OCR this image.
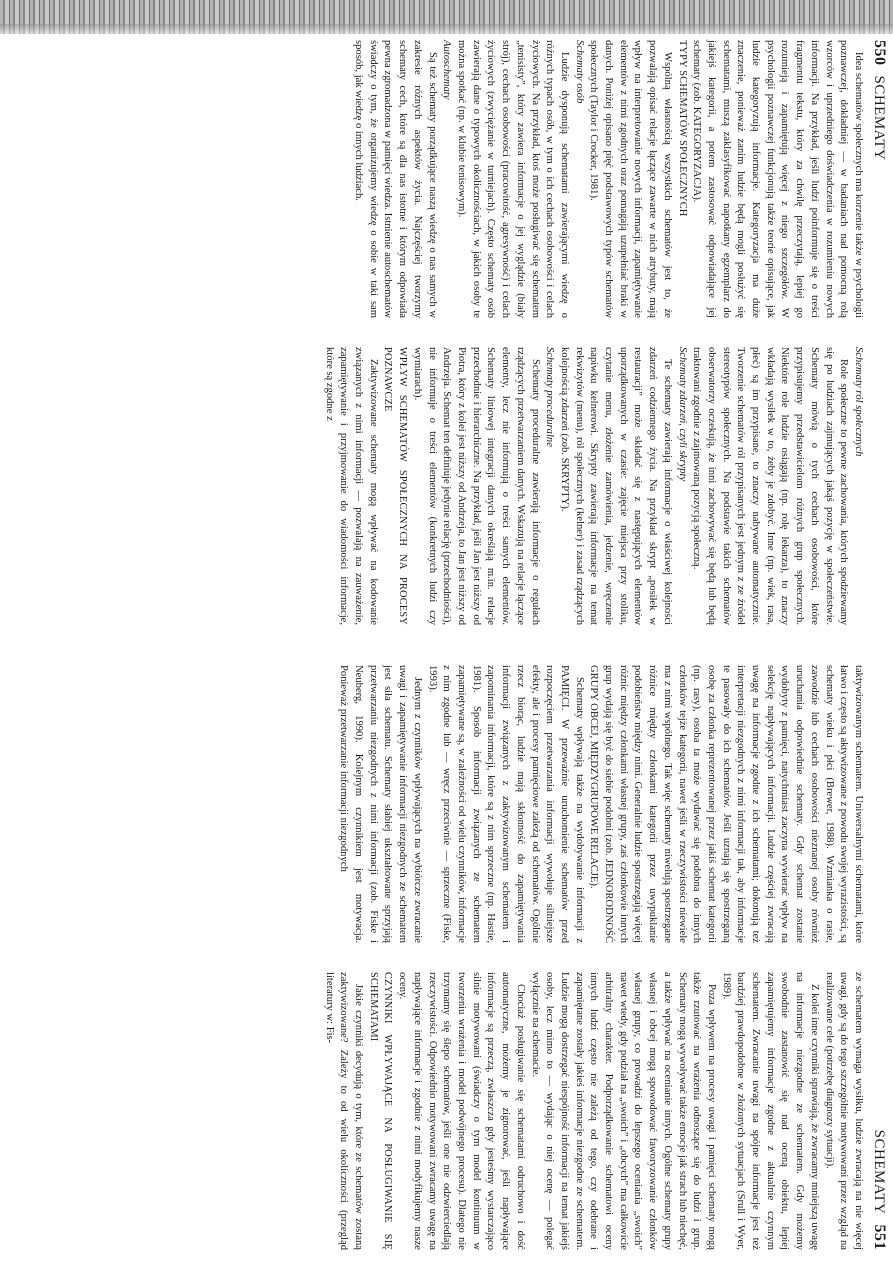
550
SCHEMATY

Idea schematów społecznych ma korzenie także w psychologii poznawczej, dokładniej — w badaniach nad pomocną rolą wzorców i uprzedniego doświadczenia w rozumieniu nowych informacji. Na przykład, jeśli ludzi poinformuje się o treści fragmentu tekstu, który za chwilę przeczytają, lepiej go rozumieją i zapamiętują więcej z niego szczegółów. W psychologii poznawczej funkcjonują także teorie opisujące, jak ludzie kategoryzują informacje. Kategoryzacja ma duże znaczenie, ponieważ zanim ludzie będą mogli posłużyć się schematami, muszą zaklasyfikować napotkany egzemplarz do jakiejś kategorii, a potem zastosować odpowiadające jej schematy (zob. KATEGORYZACJA).

TYPY SCHEMATÓW SPOŁECZNYCH

Wspólną własnością wszystkich schematów jest to, że pozwalają opisać relacje łączące zawarte w nich atrybuty, mają wpływ na interpretowanie nowych informacji, zapamiętywanie elementów z nimi zgodnych oraz pomagają uzupełniać braki w danych. Poniżej opisano pięć podstawowych typów schematów społecznych (Taylor i Crocker, 1981).

Schematy osób

Ludzie dysponują schematami zawierającymi wiedzę o różnych typach osób, w tym o ich cechach osobowości i celach życiowych. Na przykład, ktoś może posługiwać się schematem „tenisisty”, który zawiera informacje o jej wyglądzie (biały strój), cechach osobowości (pracowitość, agresywność) i celach życiowych (zwyciężanie w turniejach). Często schematy osób zawierają dane o typowych okolicznościach, w jakich osoby te można spotkać (np. w klubie tenisowym).

Autoschematy

Są też schematy porządkujące naszą wiedzę o nas samych w zakresie różnych aspektów życia. Najczęściej tworzymy schematy cech, które są dla nas istotne i którym odpowiada pewna zgromadzona w pamięci wiedza. Istnienie autoschematów świadczy o tym, że organizujemy wiedzę o sobie w taki sam sposób, jak wiedzę o innych ludziach.

Schematy ról społecznych

Role społeczne to pewne zachowania, których spodziewamy się po ludziach zajmujących jakąś pozycję w społeczeństwie. Schematy mówią o tych cechach osobowości, które przypisujemy przedstawicielom różnych grup społecznych. Niektóre role ludzie osiągają (np. rolę lekarza), to znaczy wkładają wysiłek w to, żeby je zdobyć. Inne (np. wiek, rasa, płeć) są im przypisane, to znaczy nabywane automatycznie. Tworzenie schematów ról przypisanych jest jednym z ze źródeł stereotypów społecznych. Na podstawie takich schematów obserwatorzy oczekują, że inni zachowywać się będą lub będą traktowani zgodnie z zajmowaną pozycją społeczną.

Schematy zdarzeń, czyli skrypty

Te schematy zawierają informacje o właściwej kolejności zdarzeń codziennego życia. Na przykład skrypt „posiłek w restauracji” może składać się z następujących elementów uporządkowanych w czasie: zajęcie miejsca przy stoliku, czytanie menu, złożenie zamówienia, jedzenie, wręczenie napiwku kelnerowi. Skrypty zawierają informacje na temat rekwizytów (menu), ról społecznych (kelner) i zasad rządzących kolejnością zdarzeń (zob. SKRYPTY).

Schematy proceduralne

Schematy proceduralne zawierają informacje o regułach rządzących przetwarzaniem danych. Wskazują na relacje łączące elementy, lecz nie informują o treści samych elementów. Schematy liniowej integracji danych określają m.in. relacje przechodnie i hierarchiczne. Na przykład, jeśli Jan jest niższy od Piotra, który z kolei jest niższy od Andrzeja, to Jan jest niższy od Andrzeja. Schemat ten definiuje jedynie relację (przechodniości), nie informuje o treści elementów (konkretnych ludzi czy wymiarach).

WPŁYW SCHEMATÓW SPOŁECZNYCH NA PROCESY POZNAWCZE

Zaktywizowane schematy mogą wpływać na kodowanie związanych z nimi informacji — pozwalają na zauważenie, zapamiętywanie i przyjmowanie do wiadomości informacje, które są zgodne z

SCHEMATY
551

taktywizowanym schematem. Uniwersalnymi schematami, które łatwo i często są aktywizowane z powodu swojej wyrazistości, są schematy wieku i płci (Brewer, 1988). Wzmianka o rasie, zawodzie lub cechach osobowości nieznanej osoby również uruchamia odpowiednie schematy. Gdy schemat zostanie wydobyty z pamięci, natychmiast zaczyna wywierać wpływ na selekcję napływających informacji. Ludzie częściej zwracają uwagę na informacje zgodne z ich schematami; dokonują też interpretacji niezgodnych z nimi informacji tak, aby informacje te pasowały do ich schematów. Jeśli uznają się spostrzeganą osobę za członka reprezentowanej przez jakiś schemat kategorii (np. rasy), osoba ta może wydawać się podobna do innych członków tejże kategorii, nawet jeśli w rzeczywistości niewiele ma z nimi wspólnego. Tak więc schematy niwelują spostrzegane różnice między członkami kategorii przez uwypuklanie podobieństw między nimi. Generalnie ludzie spostrzegają więcej różnic między członkami własnej grupy, zaś członkowie innych grup wydają się być do siebie podobni (zob. JEDNORODNOŚĆ GRUPY OBCEJ, MIĘDZYGRUPOWE RELACJE).

Schematy wpływają także na wydobywanie informacji z PAMIĘCI. W przeważnie uruchomienie schematów przed rozpoczęciem przetwarzania informacji wywołuje silniejsze efekty, ale i procesy pamięciowe zależą od schematów. Ogólnie rzecz biorąc, ludzie mają skłonność do zapamiętywania informacji związanych z zaktywizowanym schematem i zapominania informacji, które są z nim sprzeczne (np. Hastie, 1981). Sposób informacji związanych ze schematem zapamiętywane są, w zależności od wielu czynników, informacje z nim zgodne lub — wręcz przeciwnie — sprzeczne (Fiske, 1993).

Jednym z czynników wpływających na wybiórcze zwracanie uwagi i zapamiętywanie informacji niezgodnych ze schematem jest siła schematu. Schematy słabiej ukształtowane sprzyjają przetwarzaniu niezgodnych z nimi informacji (zob. Fiske i Neuberg, 1990). Kolejnym czynnikiem jest motywacja. Ponieważ przetwarzanie informacji niezgodnych

ze schematem wymaga wysiłku, ludzie zwracają na nie więcej uwagi, gdy są do tego szczególnie motywowani przez wzgląd na realizowane cele (potrzebę diagnozy sytuacji).

Z kolei inne czynniki sprawiają, że zwracamy mniejszą uwagę na informacje niezgodne ze schematem. Gdy możemy swobodnie zastanowić się nad oceną obiektu, lepiej zapamiętujemy informacje zgodne z aktualnie czynnym schematem. Zwracanie uwagi na spójne informacje jest też bardziej prawdopodobne w złożonych sytuacjach (Srull i Wyer, 1989).

Poza wpływem na procesy uwagi i pamięci schematy mogą także rzutować na wrażenia odnoszące się do ludzi i grup. Schematy mogą wywoływać także emocje jak strach lub niechęć, a także wpływać na ocenianie innych. Ogólne schematy grupy własnej i obcej mogą spowodować faworyzowanie członków własnej grupy, co prowadzi do lepszego oceniania „swoich” nawet wtedy, gdy podział na „swoich” i „obcych” ma całkowicie arbitralny charakter. Podporządkowanie schematowi oceny innych ludzi często nie zależą od tego, czy odebrane i zapamiętane zostały jakieś informacje niezgodne ze schematem. Ludzie mogą dostrzegać niespójność informacji na temat jakiejś osoby, lecz mimo to — wydając o niej ocenę — polegać wyłącznie na schemacie.

Chociaż posługiwanie się schematami odruchowo i dość automatyczne, możemy je zignorować, jeśli napływające informacje są przeczą, zwłaszcza gdy jesteśmy wystarczająco silnie motywowani (świadczy o tym model kontinuum w tworzeniu wrażenia i model podwójnego procesu). Dlatego nie trzymamy się ślepo schematów, jeśli one nie odzwierciedlają rzeczywistości. Odpowiednio motywowani zwracamy uwagę na napływające informacje i zgodnie z nimi modyfikujemy nasze oceny.

CZYNNIKI WPŁYWAJĄCE NA POSŁUGIWANIE SIĘ SCHEMATAMI

Jakie czynniki decydują o tym, które ze schematów zostaną zaktywizowane? Zależy to od wielu okoliczności (przegląd literatury w: Fis-
